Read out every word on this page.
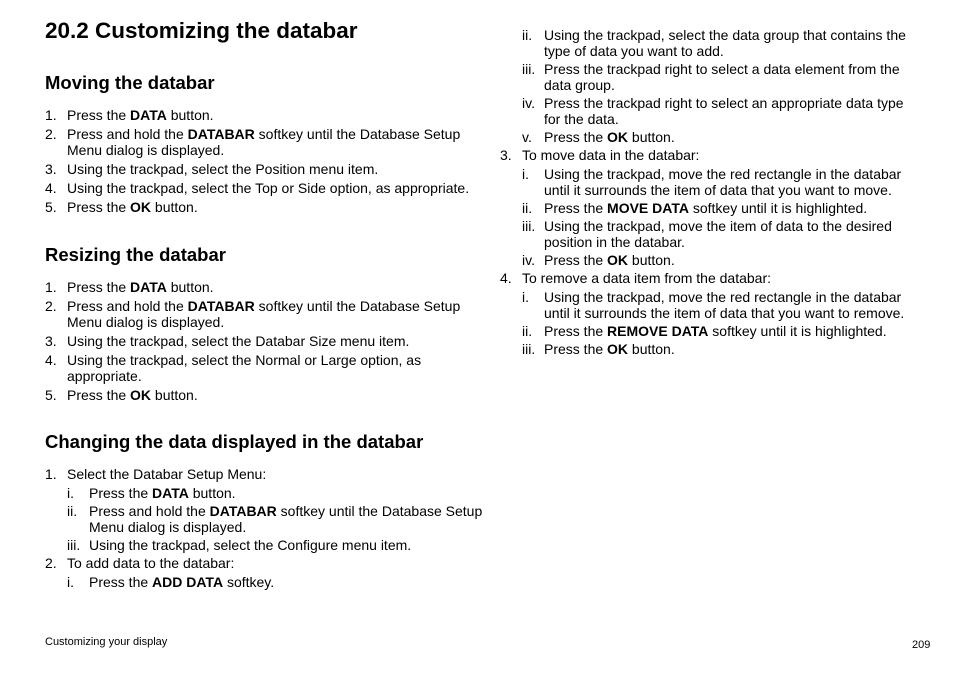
20.2 Customizing the databar
Moving the databar
1. Press the DATA button.
2. Press and hold the DATABAR softkey until the Database Setup Menu dialog is displayed.
3. Using the trackpad, select the Position menu item.
4. Using the trackpad, select the Top or Side option, as appropriate.
5. Press the OK button.
Resizing the databar
1. Press the DATA button.
2. Press and hold the DATABAR softkey until the Database Setup Menu dialog is displayed.
3. Using the trackpad, select the Databar Size menu item.
4. Using the trackpad, select the Normal or Large option, as appropriate.
5. Press the OK button.
Changing the data displayed in the databar
1. Select the Databar Setup Menu:
i. Press the DATA button.
ii. Press and hold the DATABAR softkey until the Database Setup Menu dialog is displayed.
iii. Using the trackpad, select the Configure menu item.
2. To add data to the databar:
i. Press the ADD DATA softkey.
ii. Using the trackpad, select the data group that contains the type of data you want to add.
iii. Press the trackpad right to select a data element from the data group.
iv. Press the trackpad right to select an appropriate data type for the data.
v. Press the OK button.
3. To move data in the databar:
i. Using the trackpad, move the red rectangle in the databar until it surrounds the item of data that you want to move.
ii. Press the MOVE DATA softkey until it is highlighted.
iii. Using the trackpad, move the item of data to the desired position in the databar.
iv. Press the OK button.
4. To remove a data item from the databar:
i. Using the trackpad, move the red rectangle in the databar until it surrounds the item of data that you want to remove.
ii. Press the REMOVE DATA softkey until it is highlighted.
iii. Press the OK button.
Customizing your display	209
